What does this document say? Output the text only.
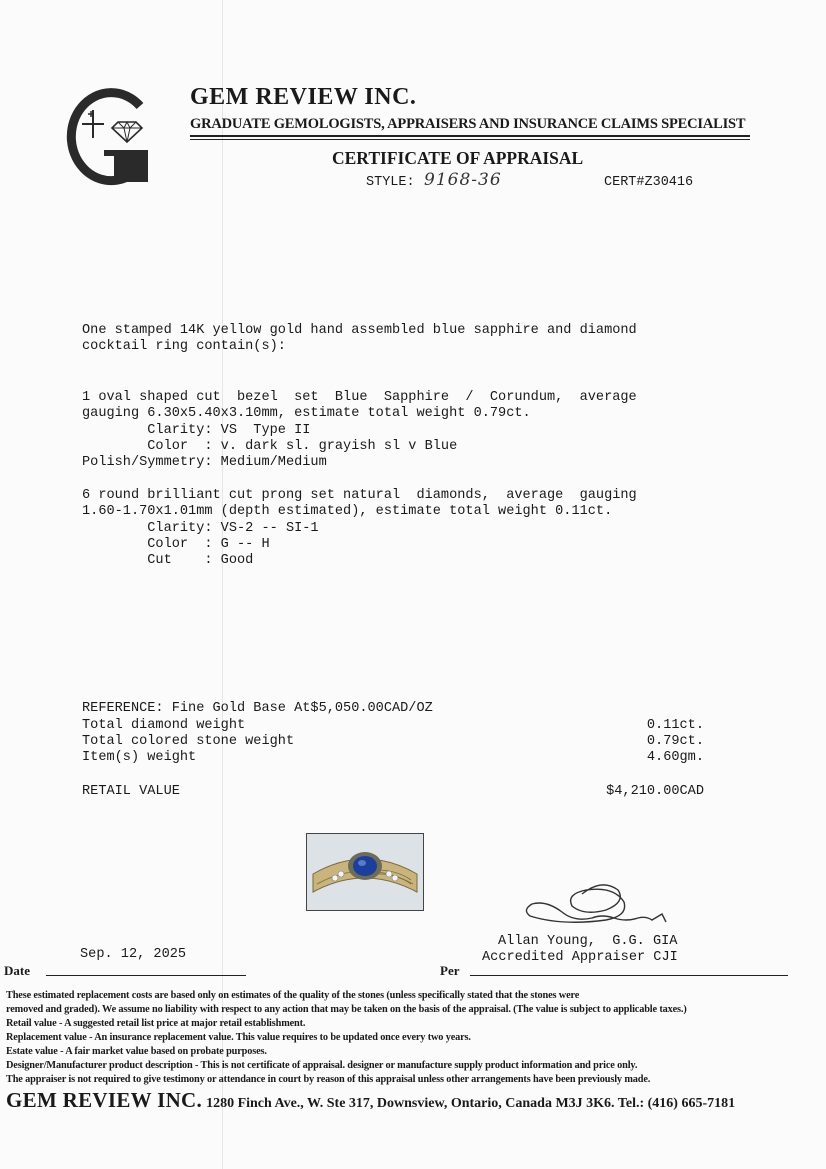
GEM REVIEW INC.
GRADUATE GEMOLOGISTS, APPRAISERS AND INSURANCE CLAIMS SPECIALIST
CERTIFICATE OF APPRAISAL
STYLE: 9168-36	CERT#Z30416
One stamped 14K yellow gold hand assembled blue sapphire and diamond
cocktail ring contain(s):
1 oval shaped cut  bezel  set  Blue  Sapphire  /  Corundum,  average
gauging 6.30x5.40x3.10mm, estimate total weight 0.79ct.
Clarity: VS  Type II
Color  : v. dark sl. grayish sl v Blue
Polish/Symmetry: Medium/Medium
6 round brilliant cut prong set natural  diamonds,  average  gauging
1.60-1.70x1.01mm (depth estimated), estimate total weight 0.11ct.
Clarity: VS-2 -- SI-1
Color  : G -- H
Cut    : Good
REFERENCE: Fine Gold Base At$5,050.00CAD/OZ
Total diamond weight	0.11ct.
Total colored stone weight	0.79ct.
Item(s) weight	4.60gm.
RETAIL VALUE	$4,210.00CAD
Allan Young,  G.G. GIA
Accredited Appraiser CJI
Sep. 12, 2025
Date	Per
These estimated replacement costs are based only on estimates of the quality of the stones (unless specifically stated that the stones were
removed and graded). We assume no liability with respect to any action that may be taken on the basis of the appraisal. (The value is subject to applicable taxes.)
Retail value - A suggested retail list price at major retail establishment.
Replacement value - An insurance replacement value. This value requires to be updated once every two years.
Estate value - A fair market value based on probate purposes.
Designer/Manufacturer product description - This is not certificate of appraisal. designer or manufacture supply product information and price only.
The appraiser is not required to give testimony or attendance in court by reason of this appraisal unless other arrangements have been previously made.
GEM REVIEW INC. 1280 Finch Ave., W. Ste 317, Downsview, Ontario, Canada M3J 3K6. Tel.: (416) 665-7181
